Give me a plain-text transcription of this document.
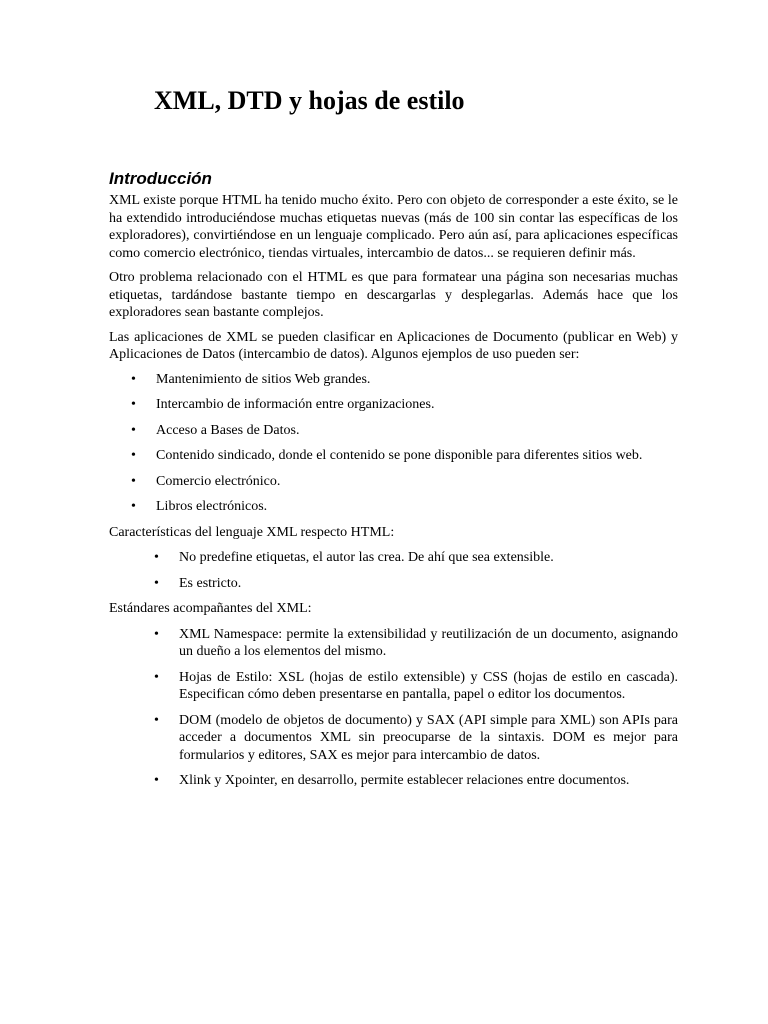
XML, DTD y hojas de estilo
Introducción

XML existe porque HTML ha tenido mucho éxito. Pero con objeto de corresponder a este éxito, se le ha extendido introduciéndose muchas etiquetas nuevas (más de 100 sin contar las específicas de los exploradores), convirtiéndose en un lenguaje complicado. Pero aún así, para aplicaciones específicas como comercio electrónico, tiendas virtuales, intercambio de datos... se requieren definir más.

Otro problema relacionado con el HTML es que para formatear una página son necesarias muchas etiquetas, tardándose bastante tiempo en descargarlas y desplegarlas. Además hace que los exploradores sean bastante complejos.

Las aplicaciones de XML se pueden clasificar en Aplicaciones de Documento (publicar en Web) y Aplicaciones de Datos (intercambio de datos). Algunos ejemplos de uso pueden ser:

• Mantenimiento de sitios Web grandes.
• Intercambio de información entre organizaciones.
• Acceso a Bases de Datos.
• Contenido sindicado, donde el contenido se pone disponible para diferentes sitios web.
• Comercio electrónico.
• Libros electrónicos.

Características del lenguaje XML respecto HTML:

• No predefine etiquetas, el autor las crea. De ahí que sea extensible.
• Es estricto.

Estándares acompañantes del XML:

• XML Namespace: permite la extensibilidad y reutilización de un documento, asignando un dueño a los elementos del mismo.
• Hojas de Estilo: XSL (hojas de estilo extensible) y CSS (hojas de estilo en cascada). Especifican cómo deben presentarse en pantalla, papel o editor los documentos.
• DOM (modelo de objetos de documento) y SAX (API simple para XML) son APIs para acceder a documentos XML sin preocuparse de la sintaxis. DOM es mejor para formularios y editores, SAX es mejor para intercambio de datos.
• Xlink y Xpointer, en desarrollo, permite establecer relaciones entre documentos.
